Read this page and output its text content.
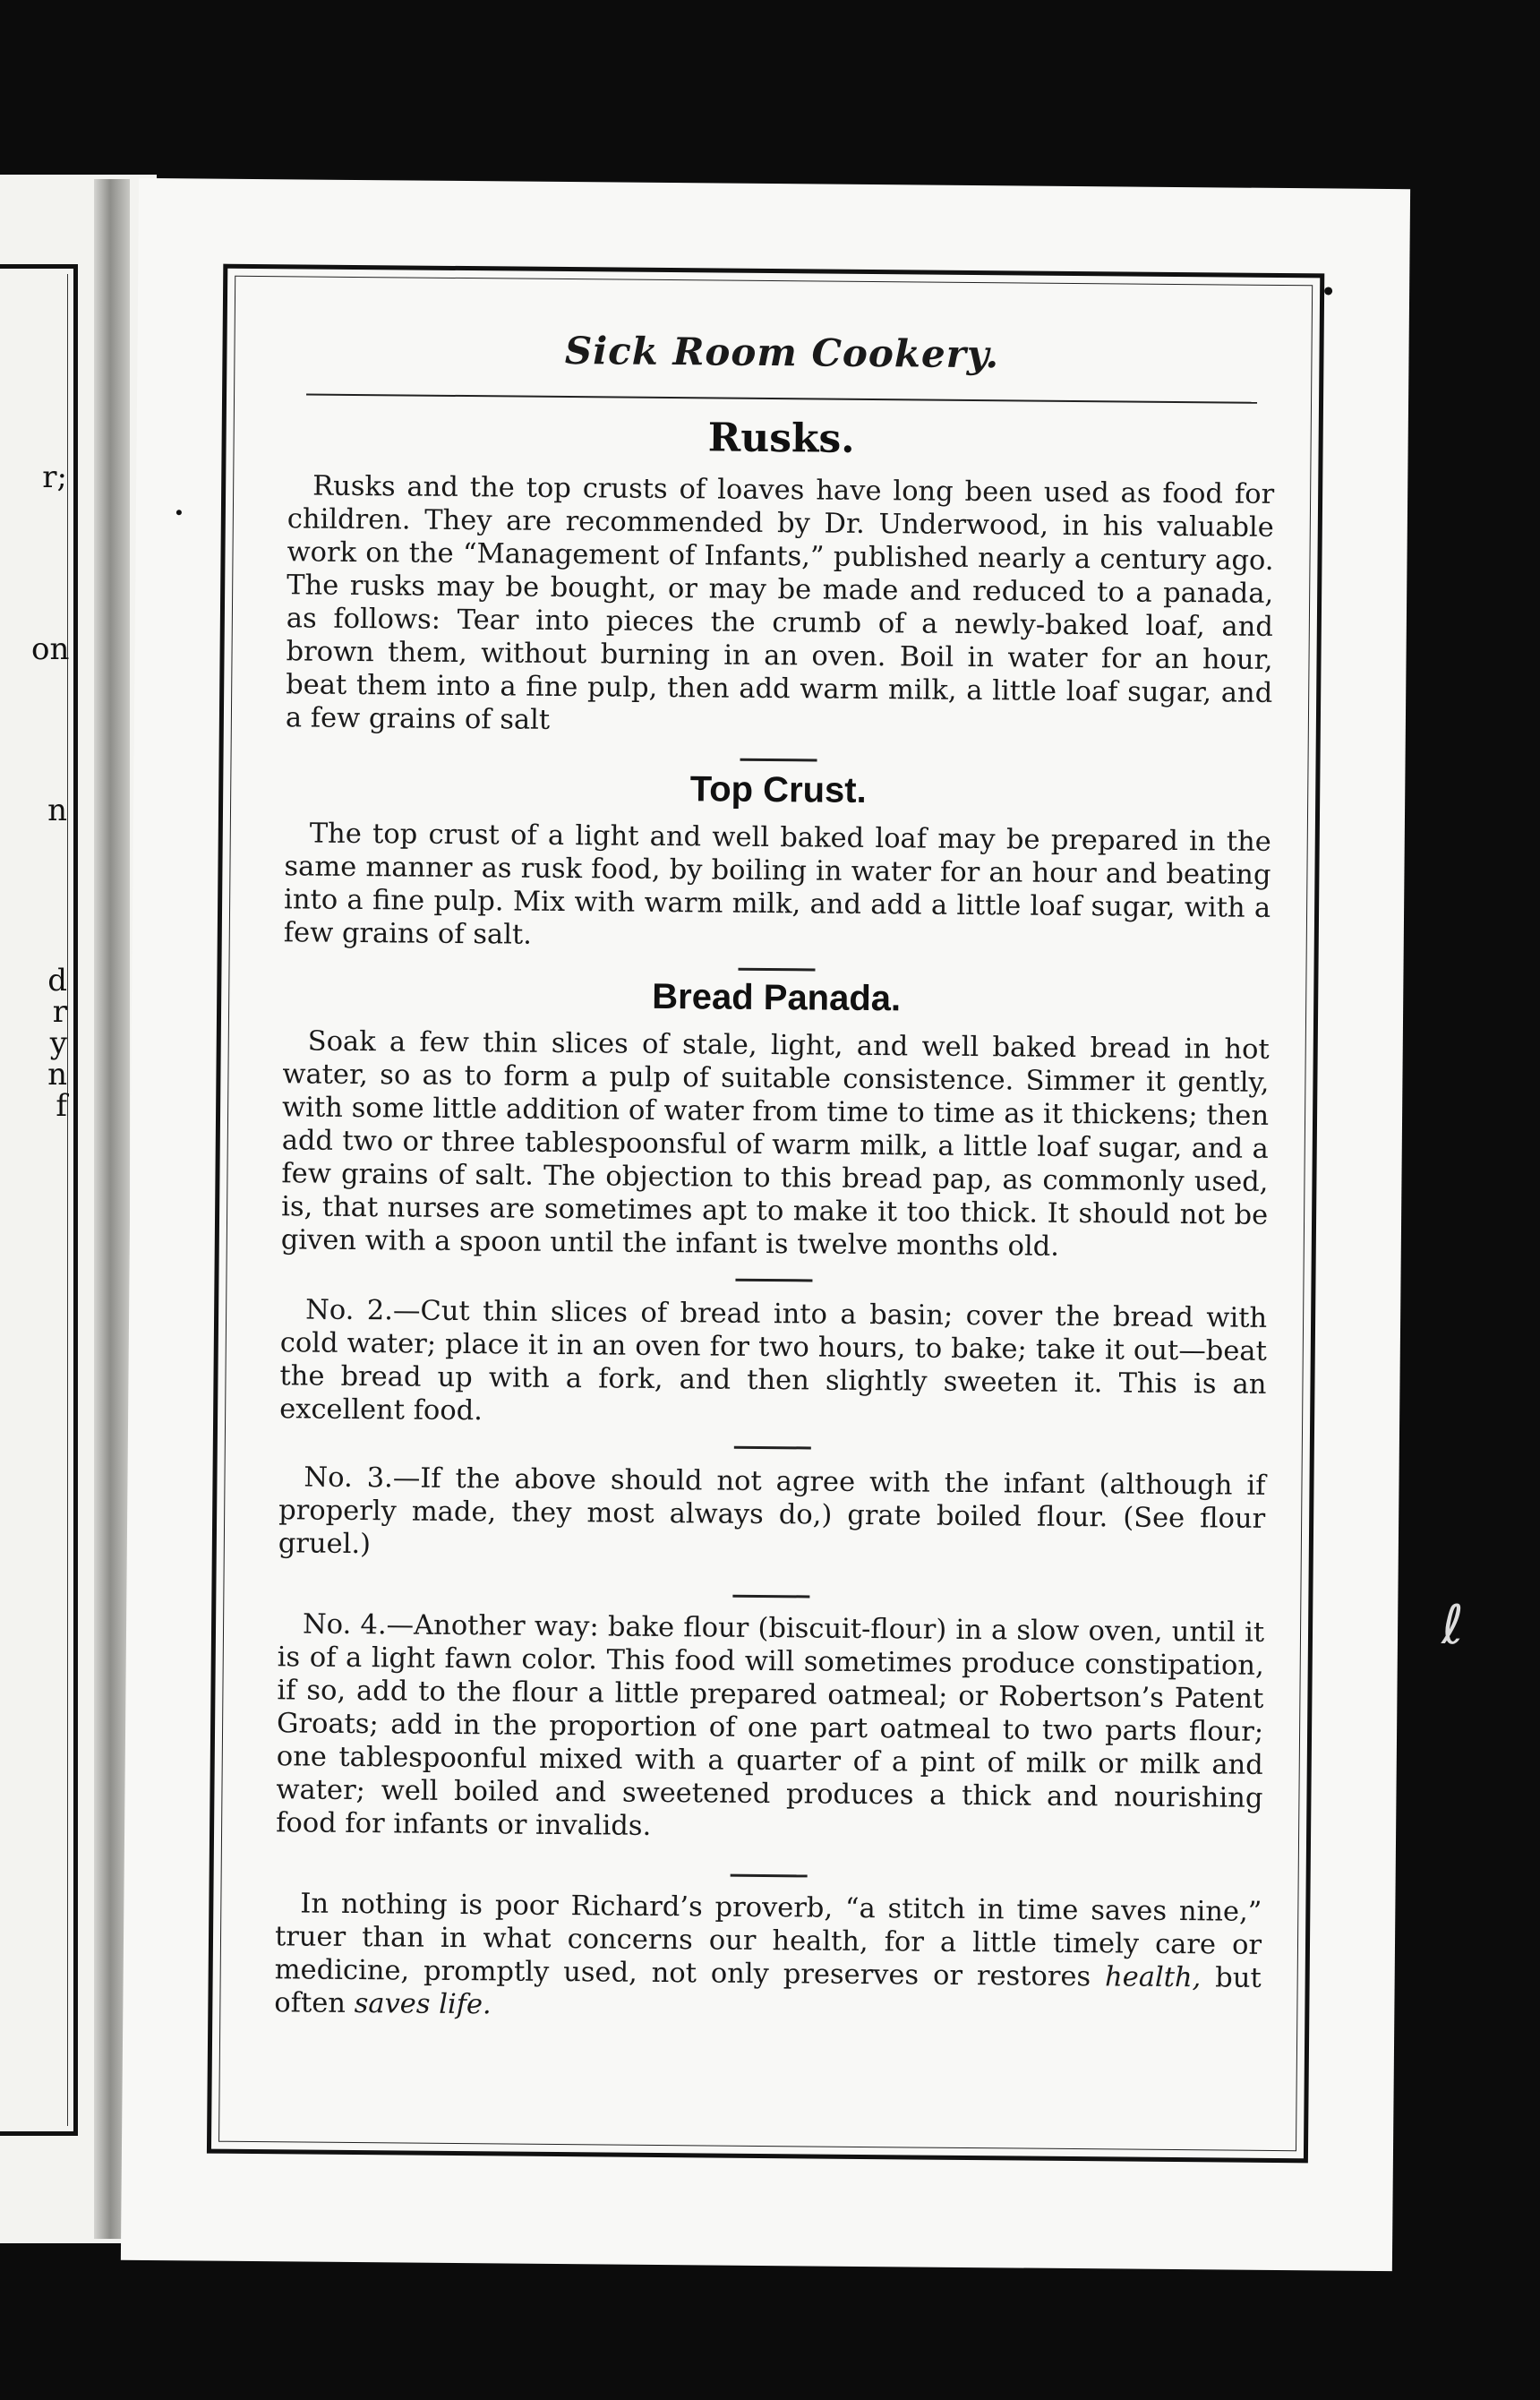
r;
on
n
d
r
y
n
f
ℓ
Sick Room Cookery.
Rusks.

Rusks and the top crusts of loaves have long been used as food for children. They are recommended by Dr. Underwood, in his valuable work on the “Management of Infants,” published nearly a century ago. The rusks may be bought, or may be made and reduced to a panada, as follows: Tear into pieces the crumb of a newly-baked loaf, and brown them, without burning in an oven. Boil in water for an hour, beat them into a fine pulp, then add warm milk, a little loaf sugar, and a few grains of salt

Top Crust.

The top crust of a light and well baked loaf may be prepared in the same manner as rusk food, by boiling in water for an hour and beating into a fine pulp. Mix with warm milk, and add a little loaf sugar, with a few grains of salt.

Bread Panada.

Soak a few thin slices of stale, light, and well baked bread in hot water, so as to form a pulp of suitable consistence. Simmer it gently, with some little addition of water from time to time as it thickens; then add two or three tablespoonsful of warm milk, a little loaf sugar, and a few grains of salt. The objection to this bread pap, as commonly used, is, that nurses are sometimes apt to make it too thick. It should not be given with a spoon until the infant is twelve months old.

No. 2.—Cut thin slices of bread into a basin; cover the bread with cold water; place it in an oven for two hours, to bake; take it out—beat the bread up with a fork, and then slightly sweeten it. This is an excellent food.

No. 3.—If the above should not agree with the infant (although if properly made, they most always do,) grate boiled flour. (See flour gruel.)

No. 4.—Another way: bake flour (biscuit-flour) in a slow oven, until it is of a light fawn color. This food will sometimes produce constipation, if so, add to the flour a little prepared oatmeal; or Robertson’s Patent Groats; add in the proportion of one part oatmeal to two parts flour; one tablespoonful mixed with a quarter of a pint of milk or milk and water; well boiled and sweetened produces a thick and nourishing food for infants or invalids.

In nothing is poor Richard’s proverb, “a stitch in time saves nine,” truer than in what concerns our health, for a little timely care or medicine, promptly used, not only preserves or restores health, but often saves life.
